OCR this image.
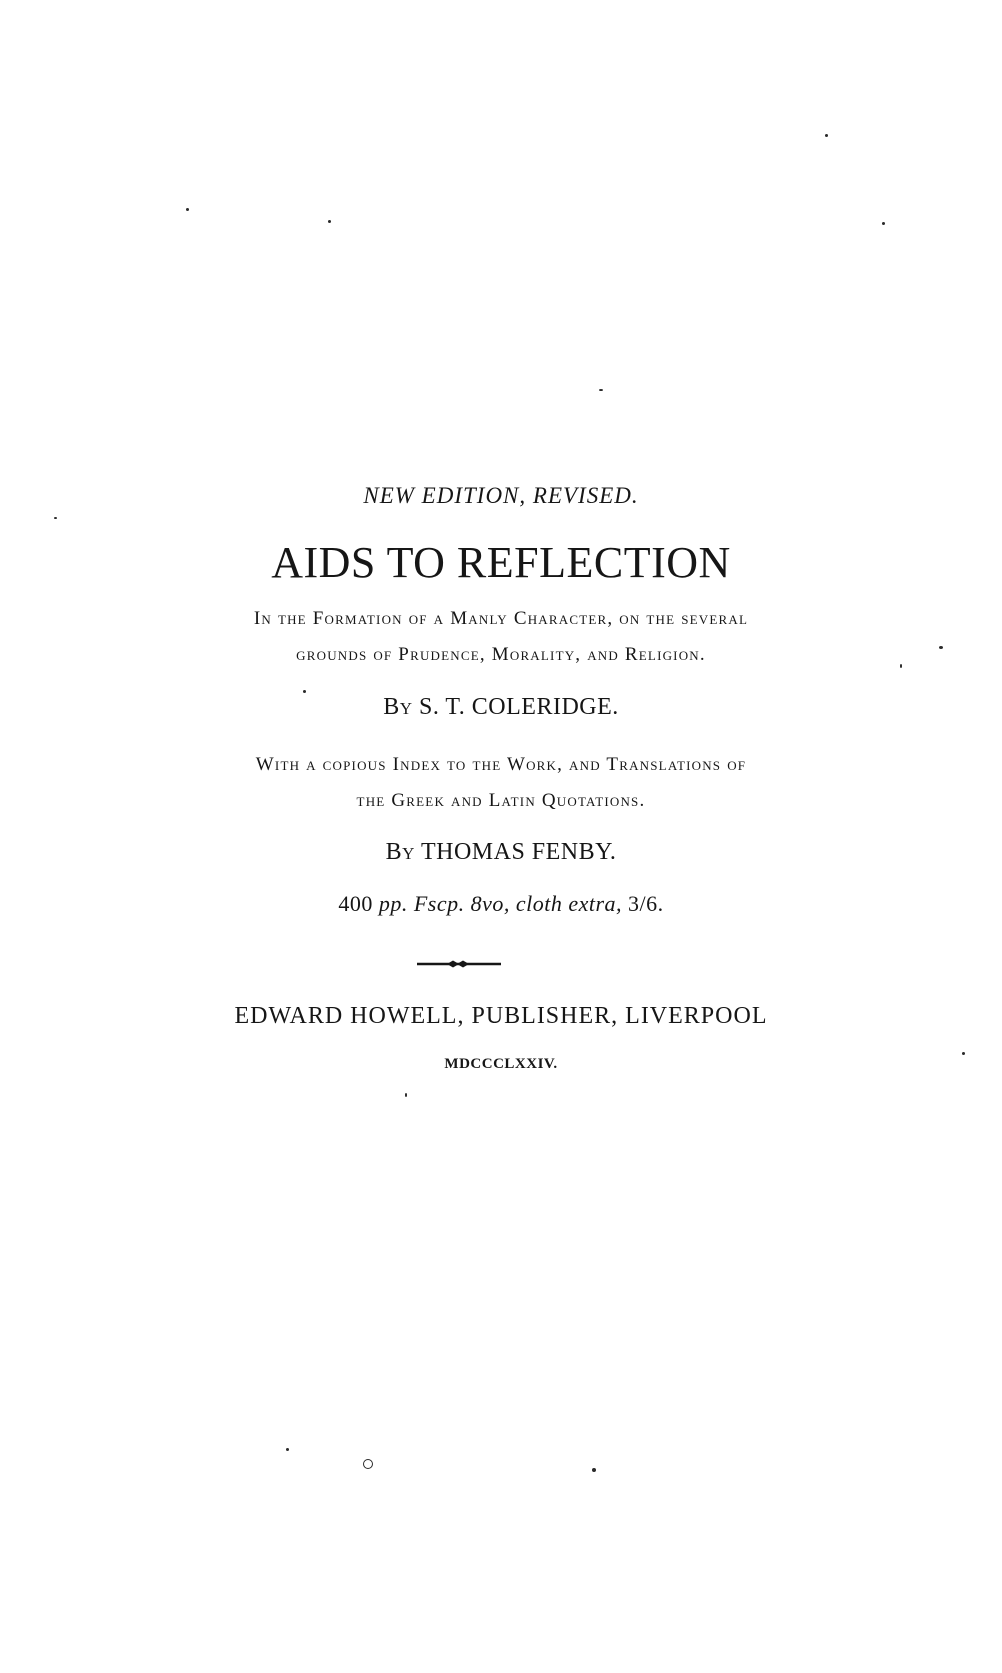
NEW EDITION, REVISED.
AIDS TO REFLECTION
In the Formation of a Manly Character, on the several
grounds of Prudence, Morality, and Religion.
By S. T. COLERIDGE.
With a copious Index to the Work, and Translations of
the Greek and Latin Quotations.
By THOMAS FENBY.
400 pp. Fscp. 8vo, cloth extra, 3/6.
EDWARD HOWELL, PUBLISHER, LIVERPOOL
MDCCCLXXIV.
